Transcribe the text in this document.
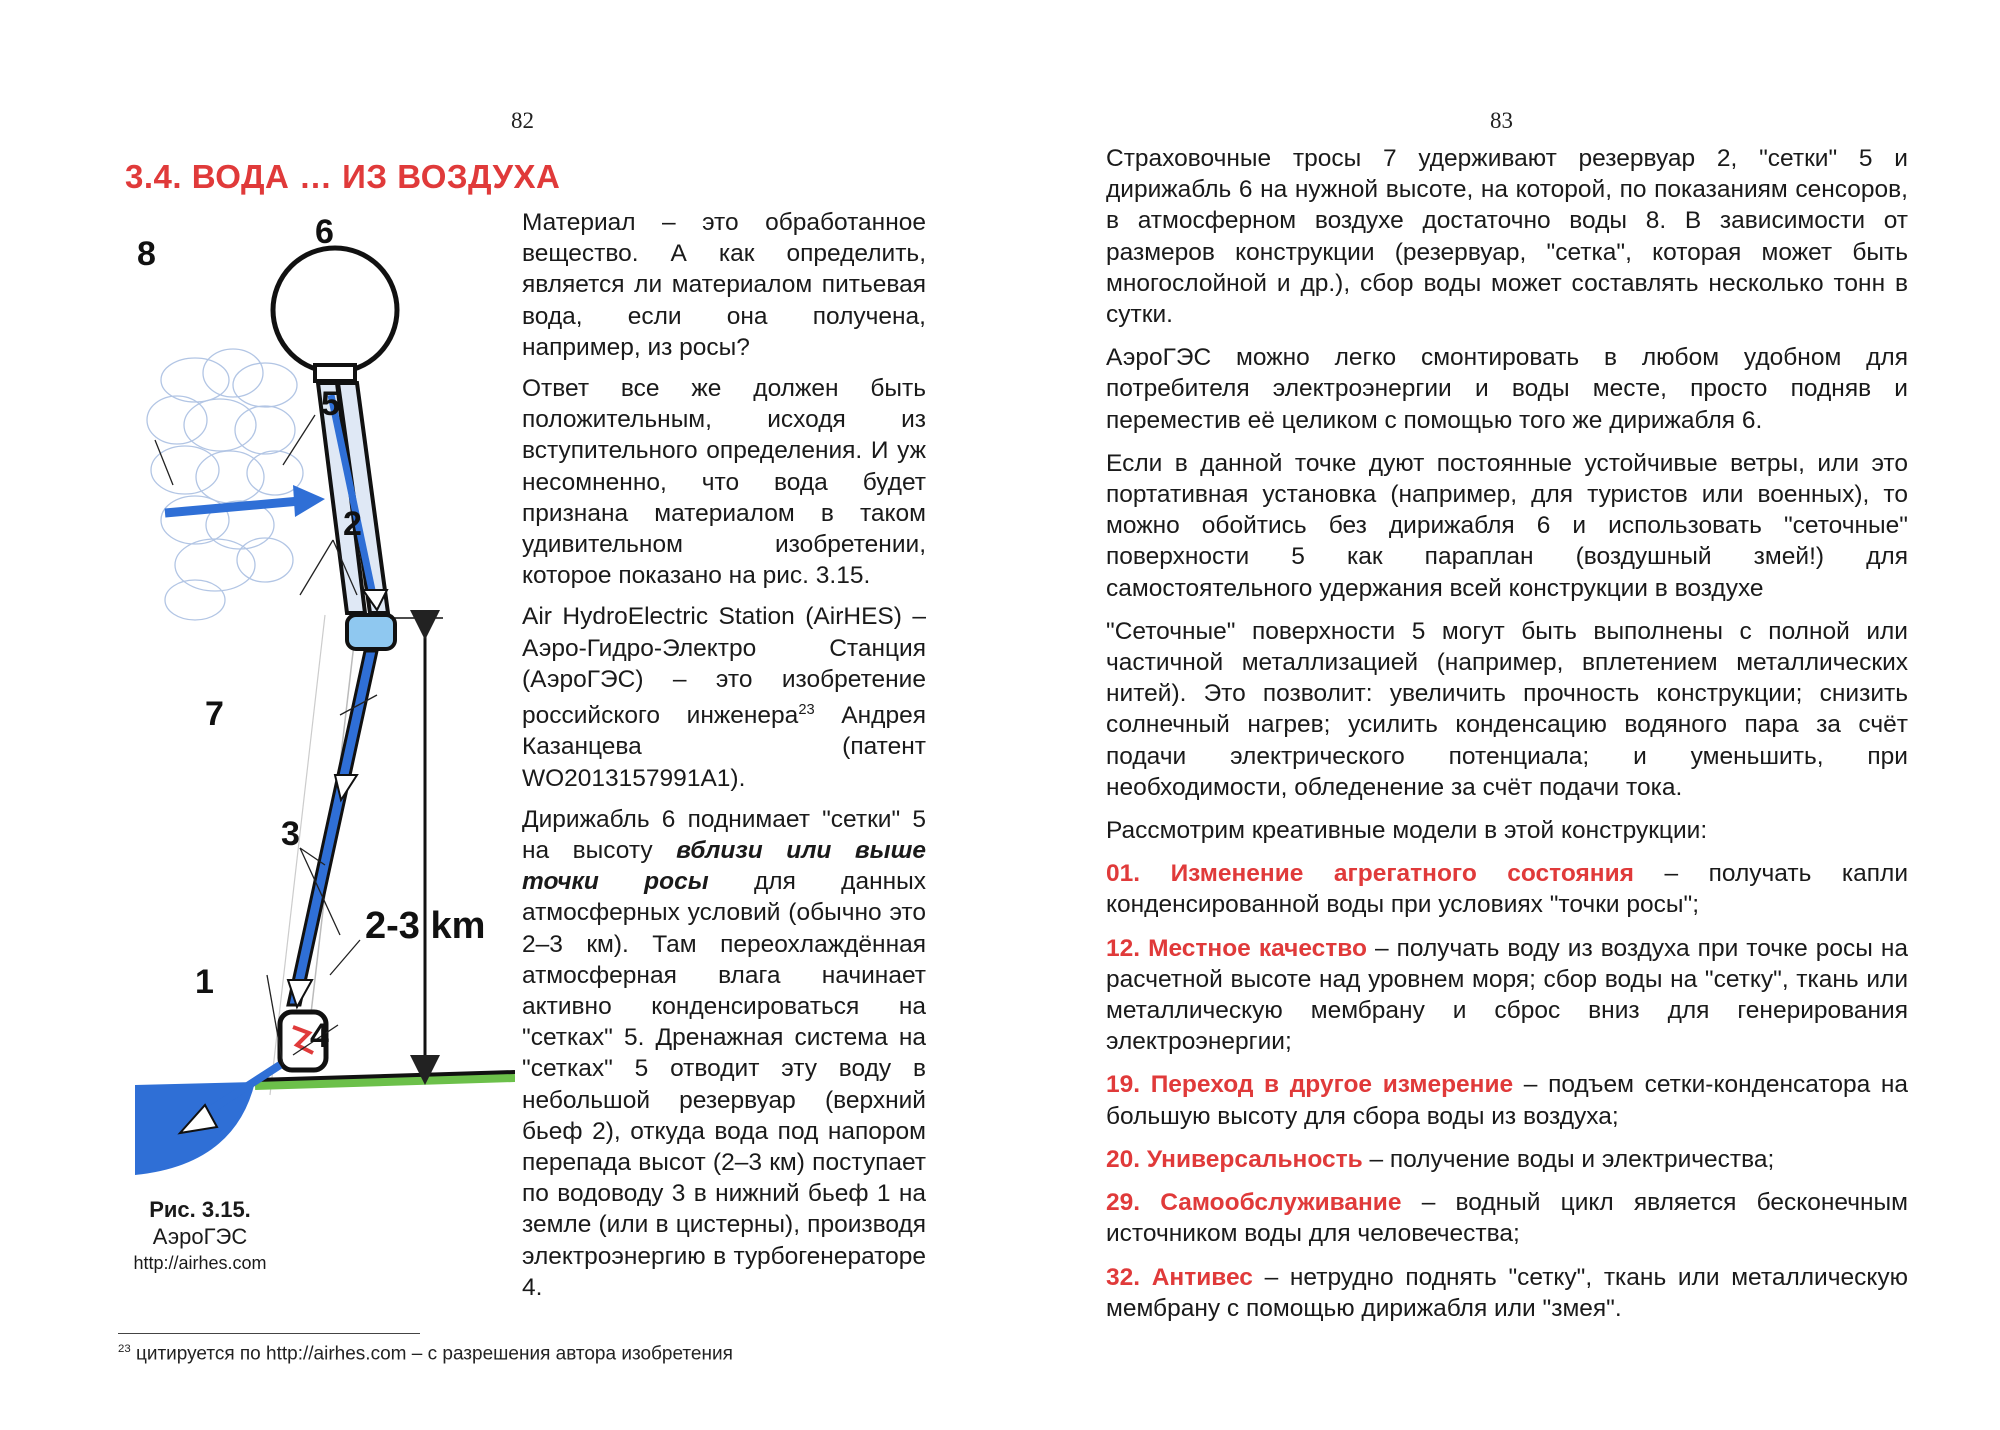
82
3.4. ВОДА … ИЗ ВОЗДУХА
2-3 km
8
6
5
2
7
3
1
4
Рис. 3.15.
АэроГЭС
http://airhes.com

Материал – это обработанное вещество. А как определить, является ли материалом питьевая вода, если она получена, например, из росы?

Ответ все же должен быть положительным, исходя из вступительного определения. И уж несомненно, что вода будет признана материалом в таком удивительном изобретении, которое показано на рис. 3.15.

Air HydroElectric Station (AirHES) – Аэро-Гидро-Электро Станция (АэроГЭС) – это изобретение российского инженера$^{23}$ Андрея Казанцева (патент WO2013157991A1).

Дирижабль 6 поднимает "сетки" 5 на высоту вблизи или выше точки росы для данных атмосферных условий (обычно это 2–3 км). Там переохлаждённая атмосферная влага начинает активно конденсироваться на "сетках" 5. Дренажная система на "сетках" 5 отводит эту воду в небольшой резервуар (верхний бьеф 2), откуда вода под напором перепада высот (2–3 км) поступает по водоводу 3 в нижний бьеф 1 на земле (или в цистерны), производя электроэнергию в турбогенераторе 4.

$^{23}$ цитируется по http://airhes.com – с разрешения автора изобретения
83

Страховочные тросы 7 удерживают резервуар 2, "сетки" 5 и дирижабль 6 на нужной высоте, на которой, по показаниям сенсоров, в атмосферном воздухе достаточно воды 8. В зависимости от размеров конструкции (резервуар, "сетка", которая может быть многослойной и др.), сбор воды может составлять несколько тонн в сутки.

АэроГЭС можно легко смонтировать в любом удобном для потребителя электроэнергии и воды месте, просто подняв и переместив её целиком с помощью того же дирижабля 6.

Если в данной точке дуют постоянные устойчивые ветры, или это портативная установка (например, для туристов или военных), то можно обойтись без дирижабля 6 и использовать "сеточные" поверхности 5 как параплан (воздушный змей!) для самостоятельного удержания всей конструкции в воздухе

"Сеточные" поверхности 5 могут быть выполнены с полной или частичной металлизацией (например, вплетением металлических нитей). Это позволит: увеличить прочность конструкции; снизить солнечный нагрев; усилить конденсацию водяного пара за счёт подачи электрического потенциала; и уменьшить, при необходимости, обледенение за счёт подачи тока.

Рассмотрим креативные модели в этой конструкции:

01. Изменение агрегатного состояния – получать капли конденсированной воды при условиях "точки росы";

12. Местное качество – получать воду из воздуха при точке росы на расчетной высоте над уровнем моря; сбор воды на "сетку", ткань или металлическую мембрану и сброс вниз для генерирования электроэнергии;

19. Переход в другое измерение – подъем сетки-конденсатора на большую высоту для сбора воды из воздуха;

20. Универсальность – получение воды и электричества;

29. Самообслуживание – водный цикл является бесконечным источником воды для человечества;

32. Антивес – нетрудно поднять "сетку", ткань или металлическую мембрану с помощью дирижабля или "змея".
